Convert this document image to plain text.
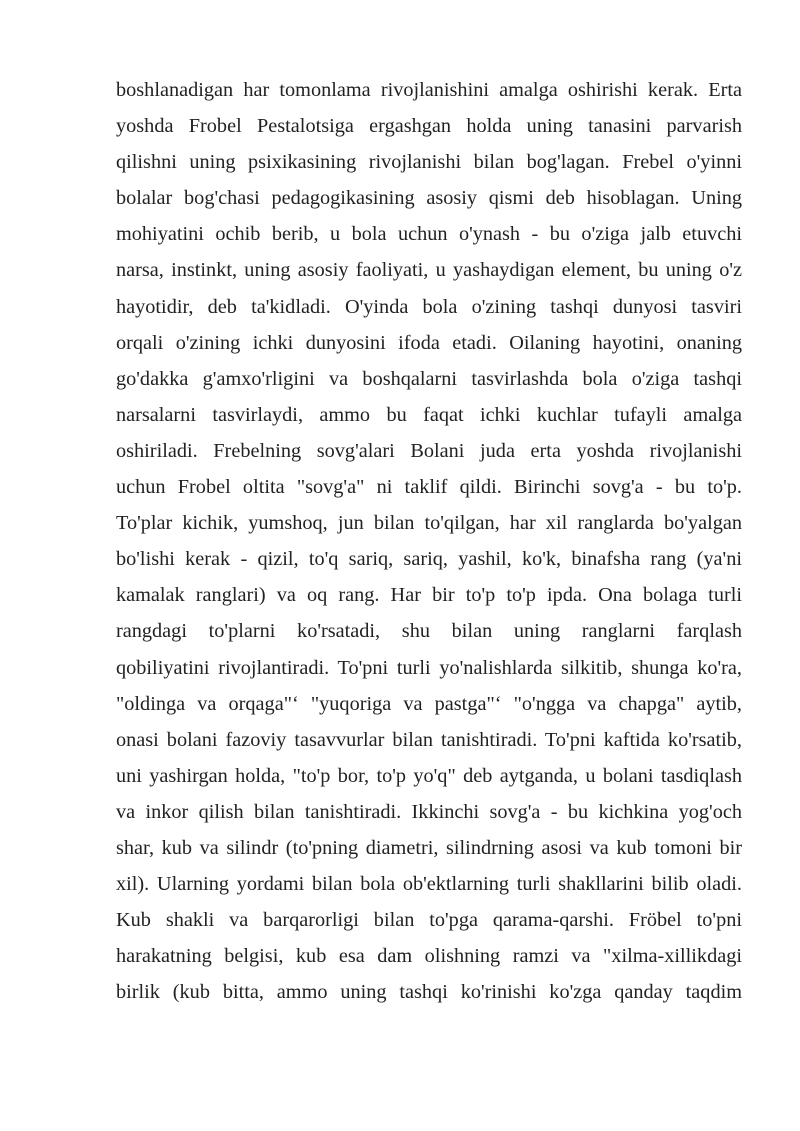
boshlanadigan har tomonlama rivojlanishini amalga oshirishi kerak. Erta
yoshda Frobel Pestalotsiga ergashgan holda uning tanasini parvarish
qilishni uning psixikasining rivojlanishi bilan bog'lagan. Frebel o'yinni
bolalar bog'chasi pedagogikasining asosiy qismi deb hisoblagan. Uning
mohiyatini ochib berib, u bola uchun o'ynash - bu o'ziga jalb etuvchi
narsa, instinkt, uning asosiy faoliyati, u yashaydigan element, bu uning o'z
hayotidir, deb ta'kidladi. O'yinda bola o'zining tashqi dunyosi tasviri
orqali o'zining ichki dunyosini ifoda etadi. Oilaning hayotini, onaning
go'dakka g'amxo'rligini va boshqalarni tasvirlashda bola o'ziga tashqi
narsalarni tasvirlaydi, ammo bu faqat ichki kuchlar tufayli amalga
oshiriladi. Frebelning sovg'alari Bolani juda erta yoshda rivojlanishi
uchun Frobel oltita "sovg'a" ni taklif qildi. Birinchi sovg'a - bu to'p.
To'plar kichik, yumshoq, jun bilan to'qilgan, har xil ranglarda bo'yalgan
bo'lishi kerak - qizil, to'q sariq, sariq, yashil, ko'k, binafsha rang (ya'ni
kamalak ranglari) va oq rang. Har bir to'p to'p ipda. Ona bolaga turli
rangdagi to'plarni ko'rsatadi, shu bilan uning ranglarni farqlash
qobiliyatini rivojlantiradi. To'pni turli yo'nalishlarda silkitib, shunga ko'ra,
"oldinga va orqaga"‘ "yuqoriga va pastga"‘ "o'ngga va chapga" aytib,
onasi bolani fazoviy tasavvurlar bilan tanishtiradi. To'pni kaftida ko'rsatib,
uni yashirgan holda, "to'p bor, to'p yo'q" deb aytganda, u bolani tasdiqlash
va inkor qilish bilan tanishtiradi. Ikkinchi sovg'a - bu kichkina yog'och
shar, kub va silindr (to'pning diametri, silindrning asosi va kub tomoni bir
xil). Ularning yordami bilan bola ob'ektlarning turli shakllarini bilib oladi.
Kub shakli va barqarorligi bilan to'pga qarama-qarshi. Fröbel to'pni
harakatning belgisi, kub esa dam olishning ramzi va "xilma-xillikdagi
birlik (kub bitta, ammo uning tashqi ko'rinishi ko'zga qanday taqdim
